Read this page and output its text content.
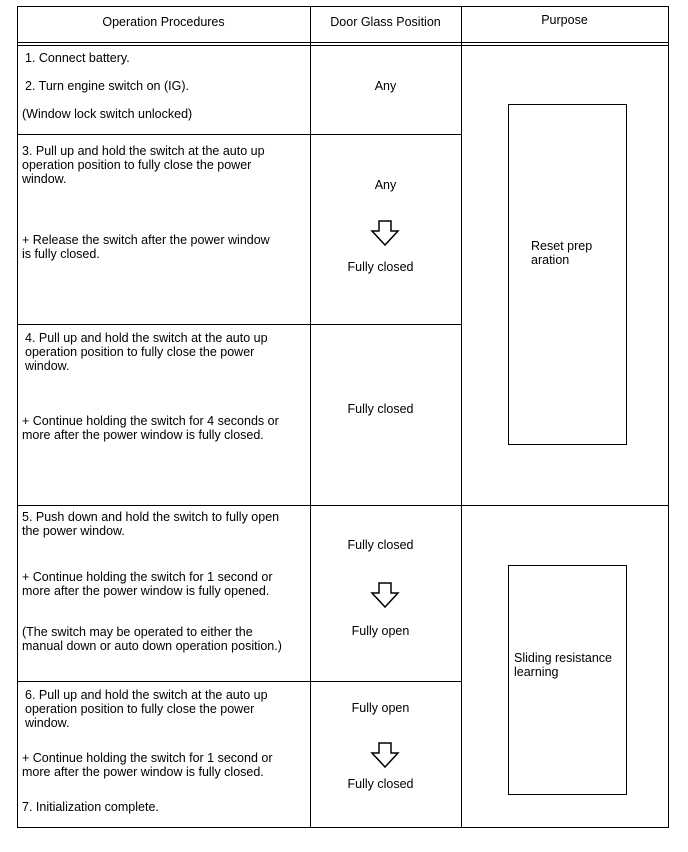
Operation Procedures	Door Glass Position	Purpose
1. Connect battery.
2. Turn engine switch on (IG).
(Window lock switch unlocked)
Any
3. Pull up and hold the switch at the auto up
operation position to fully close the power
window.
+ Release the switch after the power window
is fully closed.
Any
Fully closed
4. Pull up and hold the switch at the auto up
operation position to fully close the power
window.
+ Continue holding the switch for 4 seconds or
more after the power window is fully closed.
Fully closed
5. Push down and hold the switch to fully open
the power window.
+ Continue holding the switch for 1 second or
more after the power window is fully opened.
(The switch may be operated to either the
manual down or auto down operation position.)
Fully closed
Fully open
6. Pull up and hold the switch at the auto up
operation position to fully close the power
window.
+ Continue holding the switch for 1 second or
more after the power window is fully closed.
7. Initialization complete.
Fully open
Fully closed
Reset prep
aration
Sliding resistance
learning
